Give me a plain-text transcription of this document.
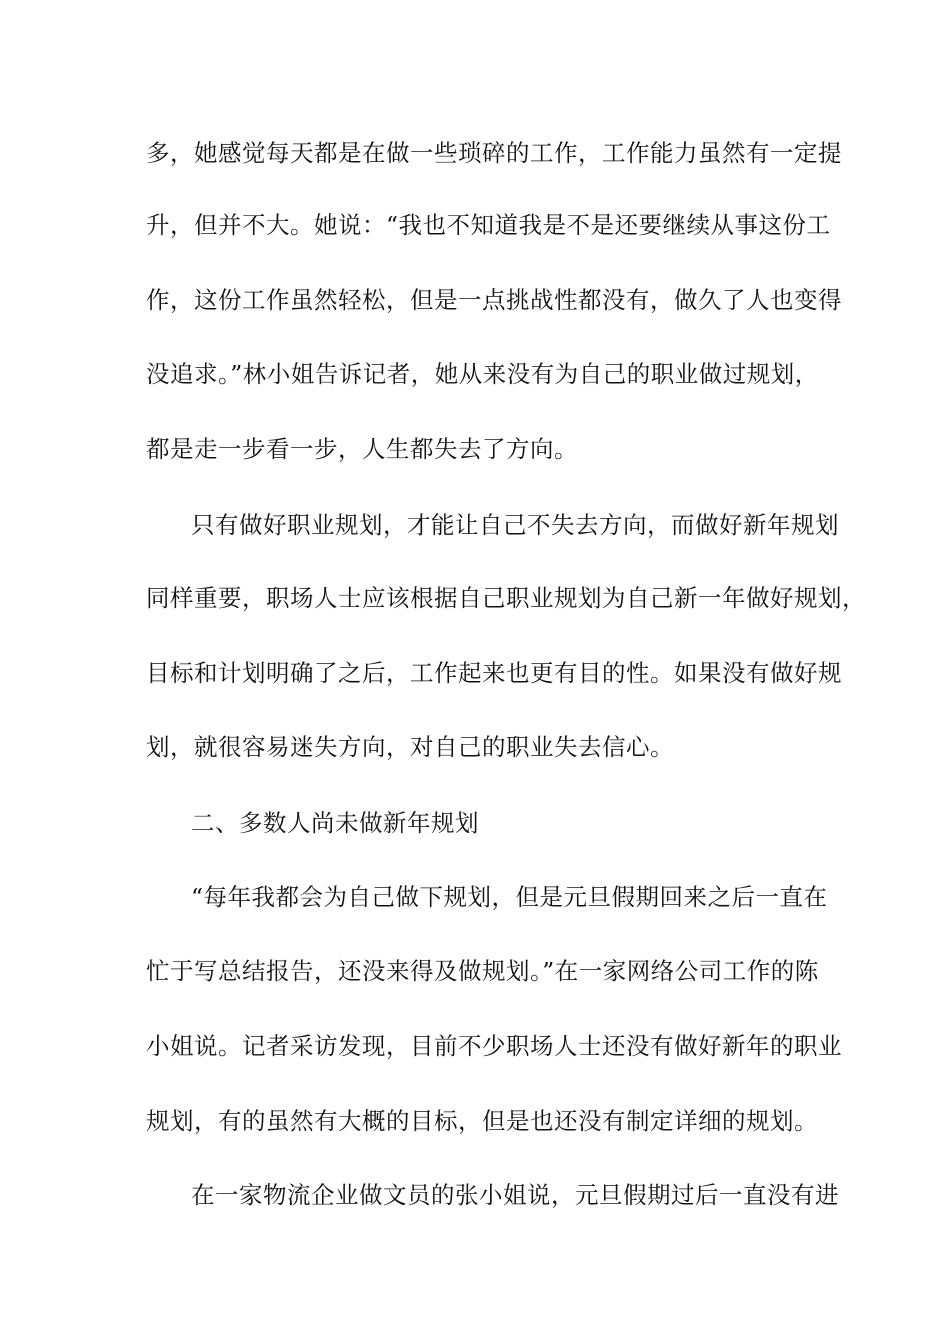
多，她感觉每天都是在做一些琐碎的工作，工作能力虽然有一定提
升，但并不大。她说：“我也不知道我是不是还要继续从事这份工
作，这份工作虽然轻松，但是一点挑战性都没有，做久了人也变得
没追求。”林小姐告诉记者，她从来没有为自己的职业做过规划，
都是走一步看一步，人生都失去了方向。
只有做好职业规划，才能让自己不失去方向，而做好新年规划
同样重要，职场人士应该根据自己职业规划为自己新一年做好规划，
目标和计划明确了之后，工作起来也更有目的性。如果没有做好规
划，就很容易迷失方向，对自己的职业失去信心。
二、多数人尚未做新年规划
“每年我都会为自己做下规划，但是元旦假期回来之后一直在
忙于写总结报告，还没来得及做规划。”在一家网络公司工作的陈
小姐说。记者采访发现，目前不少职场人士还没有做好新年的职业
规划，有的虽然有大概的目标，但是也还没有制定详细的规划。
在一家物流企业做文员的张小姐说，元旦假期过后一直没有进
